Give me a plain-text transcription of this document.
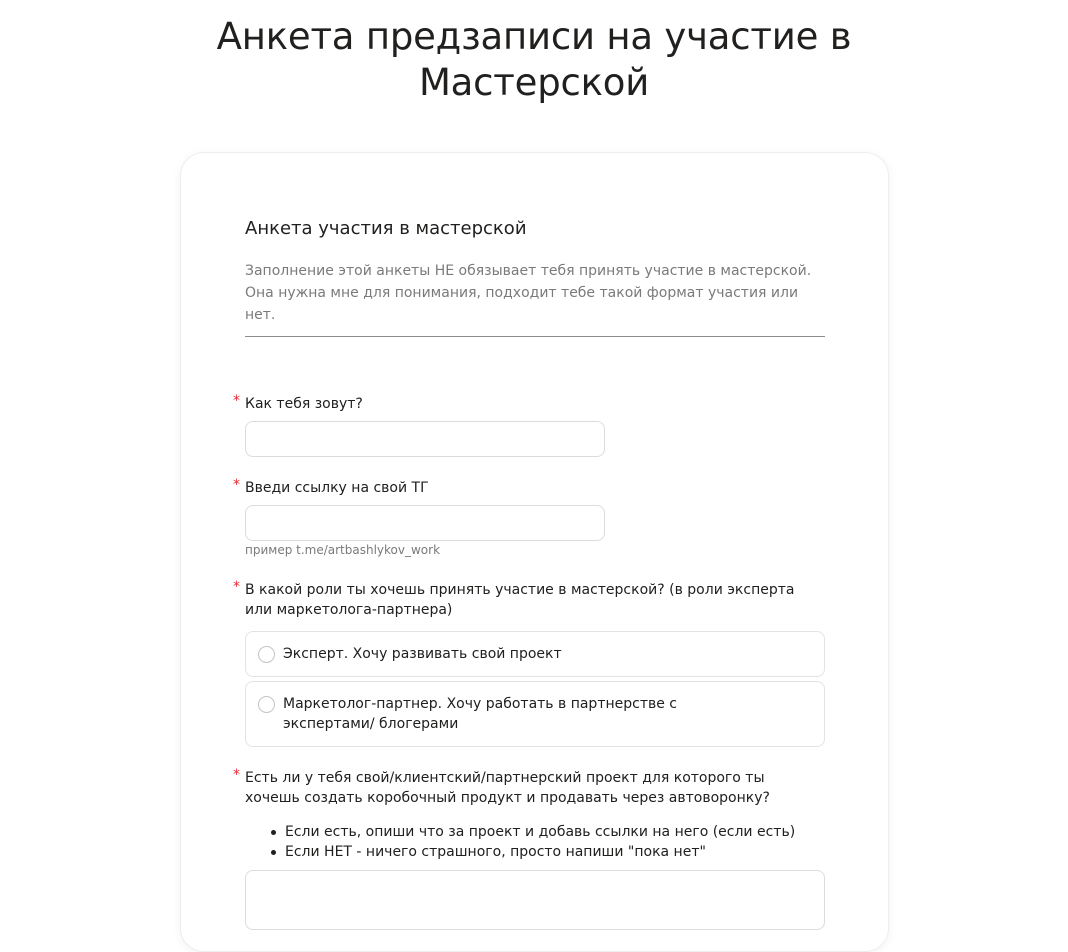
Анкета предзаписи на участие в
Мастерской
Анкета участия в мастерской
Заполнение этой анкеты НЕ обязывает тебя принять участие в мастерской. Она нужна мне для понимания, подходит тебе такой формат участия или нет.
* Как тебя зовут?
* Введи ссылку на свой ТГ
пример t.me/artbashlykov_work
* В какой роли ты хочешь принять участие в мастерской? (в роли эксперта или маркетолога-партнера)
Эксперт. Хочу развивать свой проект
Маркетолог-партнер. Хочу работать в партнерстве с экспертами/ блогерами
* Есть ли у тебя свой/клиентский/партнерский проект для которого ты хочешь создать коробочный продукт и продавать через автоворонку?
Если есть, опиши что за проект и добавь ссылки на него (если есть)
Если НЕТ - ничего страшного, просто напиши "пока нет"
